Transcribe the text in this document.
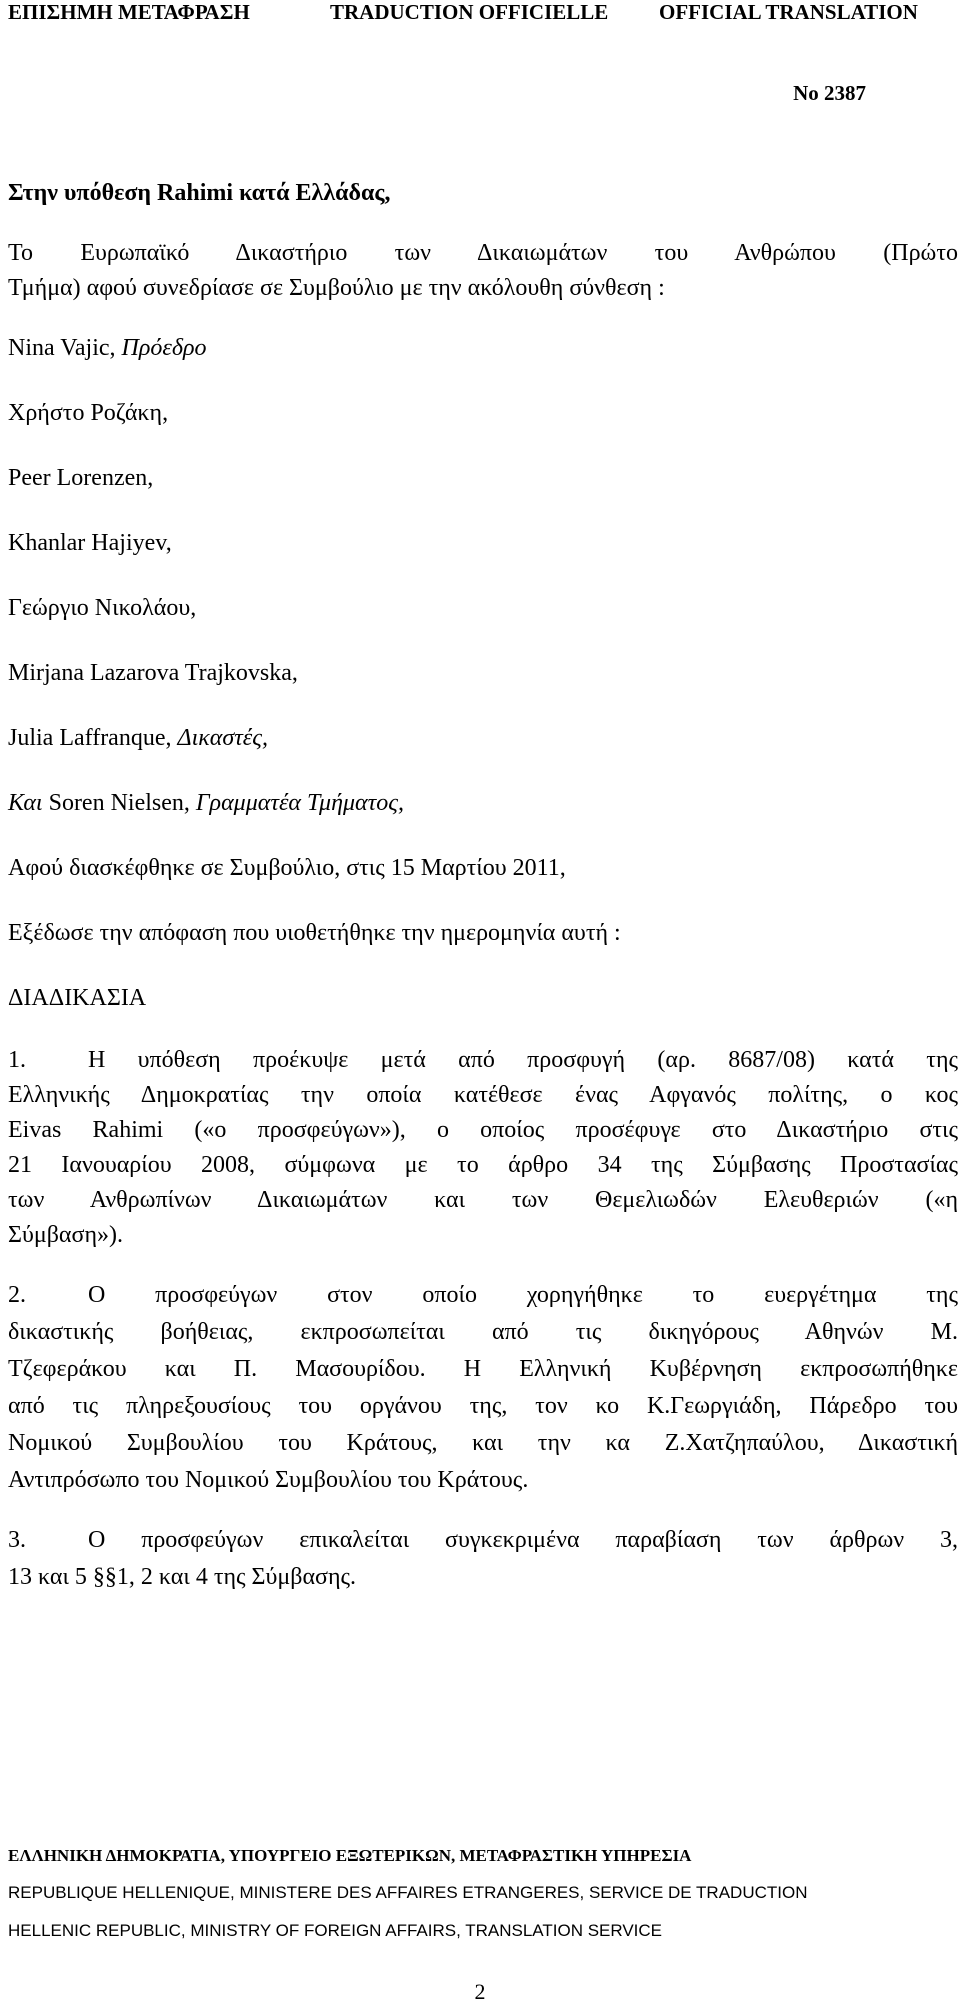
ΕΠΙΣΗΜΗ ΜΕΤΑΦΡΑΣΗ	TRADUCTION OFFICIELLE OFFICIAL TRANSLATION
No 2387
Στην υπόθεση Rahimi κατά Ελλάδας,
Το Ευρωπαϊκό Δικαστήριο των Δικαιωμάτων του Ανθρώπου (Πρώτο
Τμήμα) αφού συνεδρίασε σε Συμβούλιο με την ακόλουθη σύνθεση :
Nina Vajic, Πρόεδρο
Χρήστο Ροζάκη,
Peer Lorenzen,
Khanlar Hajiyev,
Γεώργιο Νικολάου,
Mirjana Lazarova Trajkovska,
Julia Laffranque, Δικαστές,
Και Soren Nielsen, Γραμματέα Τμήματος,
Αφού διασκέφθηκε σε Συμβούλιο, στις 15 Μαρτίου 2011,
Εξέδωσε την απόφαση που υιοθετήθηκε την ημερομηνία αυτή :
ΔΙΑΔΙΚΑΣΙΑ
1.	Η υπόθεση προέκυψε μετά από προσφυγή (αρ. 8687/08) κατά της
Ελληνικής Δημοκρατίας την οποία κατέθεσε ένας Αφγανός πολίτης, ο κος
Eivas Rahimi («ο προσφεύγων»), ο οποίος προσέφυγε στο Δικαστήριο στις
21 Ιανουαρίου 2008, σύμφωνα με το άρθρο 34 της Σύμβασης Προστασίας
των Ανθρωπίνων Δικαιωμάτων και των Θεμελιωδών Ελευθεριών («η
Σύμβαση»).
2.	Ο προσφεύγων στον οποίο χορηγήθηκε το ευεργέτημα της
δικαστικής βοήθειας, εκπροσωπείται από τις δικηγόρους Αθηνών Μ.
Τζεφεράκου και Π. Μασουρίδου. Η Ελληνική Κυβέρνηση εκπροσωπήθηκε
από τις πληρεξουσίους του οργάνου της, τον κο Κ.Γεωργιάδη, Πάρεδρο του
Νομικού Συμβουλίου του Κράτους, και την κα Ζ.Χατζηπαύλου, Δικαστική
Αντιπρόσωπο του Νομικού Συμβουλίου του Κράτους.
3.	Ο προσφεύγων επικαλείται συγκεκριμένα παραβίαση των άρθρων 3,
13 και 5 §§1, 2 και 4 της Σύμβασης.
ΕΛΛΗΝΙΚΗ ΔΗΜΟΚΡΑΤΙΑ, ΥΠΟΥΡΓΕΙΟ ΕΞΩΤΕΡΙΚΩΝ, ΜΕΤΑΦΡΑΣΤΙΚΗ ΥΠΗΡΕΣΙΑ
REPUBLIQUE HELLENIQUE, MINISTERE DES AFFAIRES ETRANGERES, SERVICE DE TRADUCTION
HELLENIC REPUBLIC, MINISTRY OF FOREIGN AFFAIRS, TRANSLATION SERVICE
2
